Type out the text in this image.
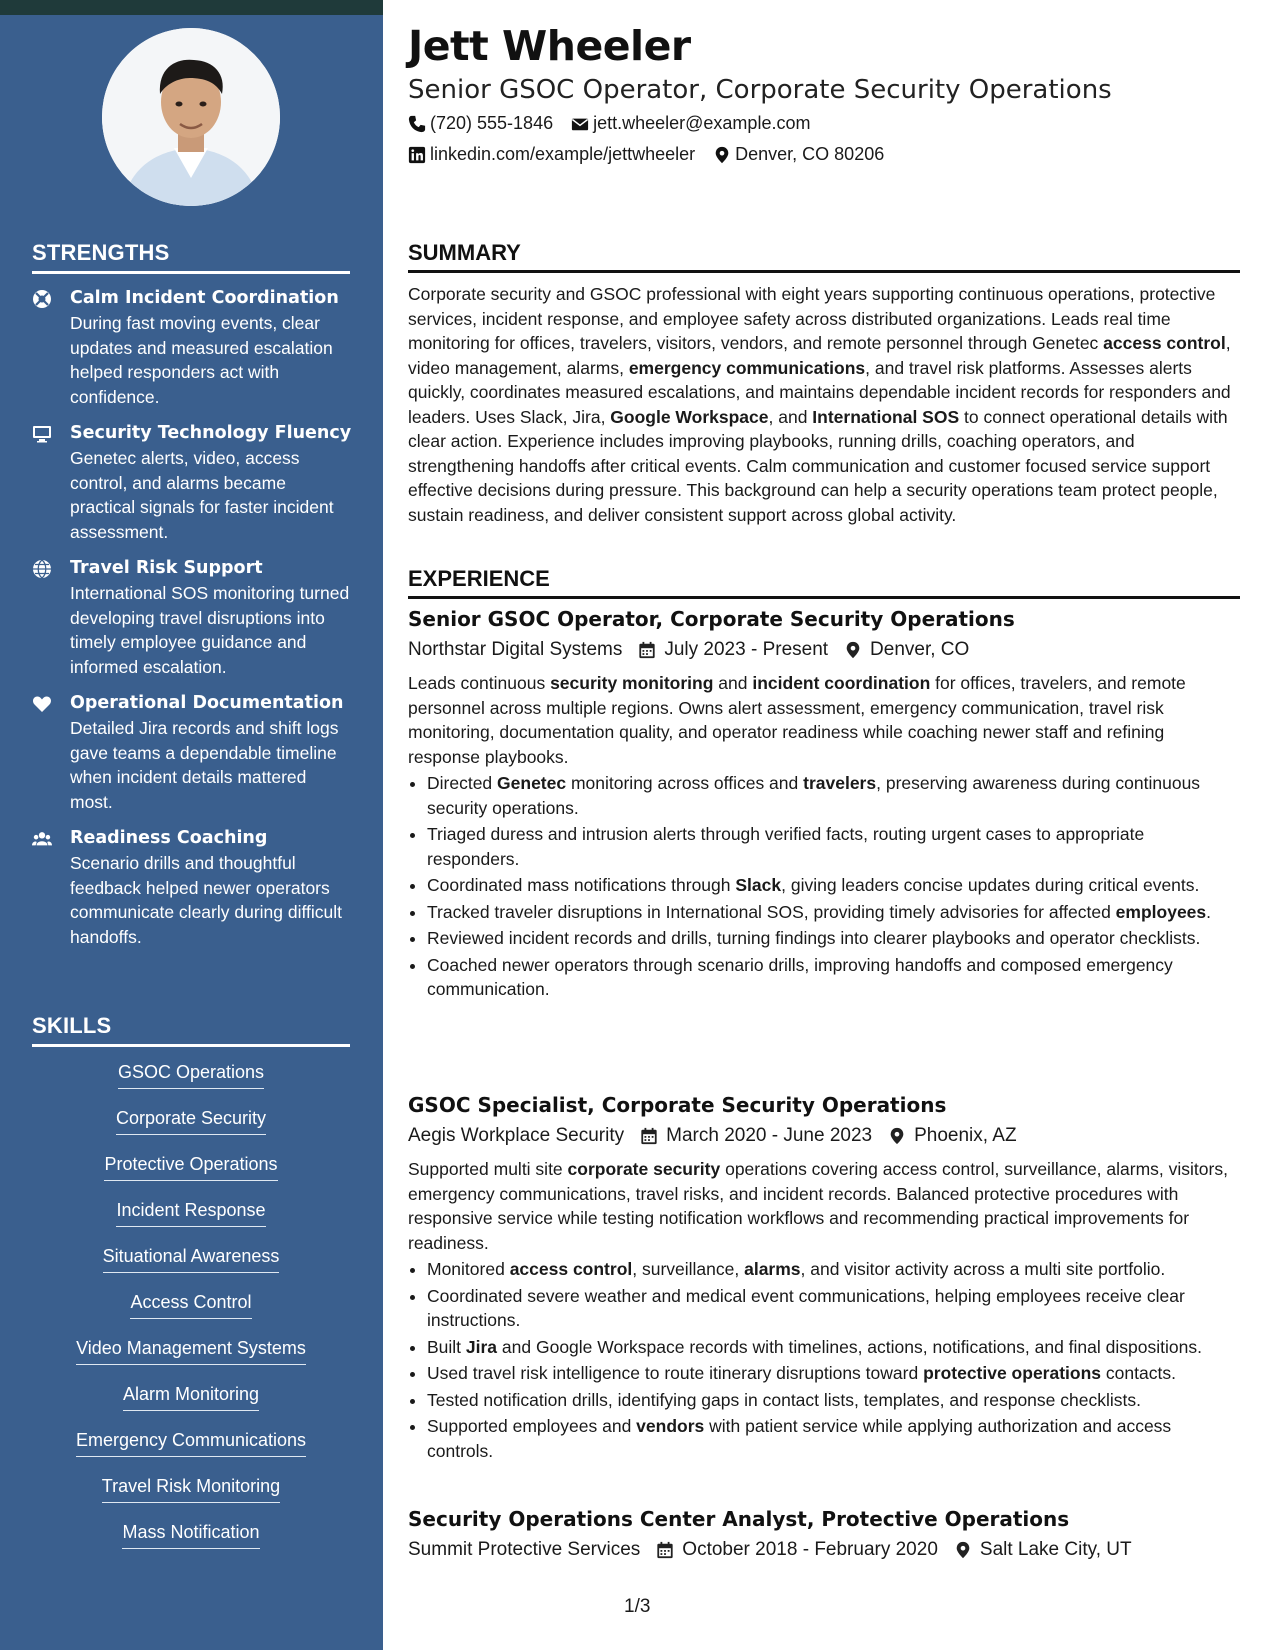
STRENGTHS
Calm Incident Coordination
During fast moving events, clear updates and measured escalation helped responders act with confidence.
Security Technology Fluency
Genetec alerts, video, access control, and alarms became practical signals for faster incident assessment.
Travel Risk Support
International SOS monitoring turned developing travel disruptions into timely employee guidance and informed escalation.
Operational Documentation
Detailed Jira records and shift logs gave teams a dependable timeline when incident details mattered most.
Readiness Coaching
Scenario drills and thoughtful feedback helped newer operators communicate clearly during difficult handoffs.
SKILLS
GSOC Operations
Corporate Security
Protective Operations
Incident Response
Situational Awareness
Access Control
Video Management Systems
Alarm Monitoring
Emergency Communications
Travel Risk Monitoring
Mass Notification
Jett Wheeler
Senior GSOC Operator, Corporate Security Operations
(720) 555-1846 jett.wheeler@example.com
linkedin.com/example/jettwheeler Denver, CO 80206
SUMMARY
Corporate security and GSOC professional with eight years supporting continuous operations, protective services, incident response, and employee safety across distributed organizations. Leads real time monitoring for offices, travelers, visitors, vendors, and remote personnel through Genetec access control, video management, alarms, emergency communications, and travel risk platforms. Assesses alerts quickly, coordinates measured escalations, and maintains dependable incident records for responders and leaders. Uses Slack, Jira, Google Workspace, and International SOS to connect operational details with clear action. Experience includes improving playbooks, running drills, coaching operators, and strengthening handoffs after critical events. Calm communication and customer focused service support effective decisions during pressure. This background can help a security operations team protect people, sustain readiness, and deliver consistent support across global activity.
EXPERIENCE
Senior GSOC Operator, Corporate Security Operations
Northstar Digital Systems July 2023 - Present Denver, CO
Leads continuous security monitoring and incident coordination for offices, travelers, and remote personnel across multiple regions. Owns alert assessment, emergency communication, travel risk monitoring, documentation quality, and operator readiness while coaching newer staff and refining response playbooks.
• Directed Genetec monitoring across offices and travelers, preserving awareness during continuous security operations.
• Triaged duress and intrusion alerts through verified facts, routing urgent cases to appropriate responders.
• Coordinated mass notifications through Slack, giving leaders concise updates during critical events.
• Tracked traveler disruptions in International SOS, providing timely advisories for affected employees.
• Reviewed incident records and drills, turning findings into clearer playbooks and operator checklists.
• Coached newer operators through scenario drills, improving handoffs and composed emergency communication.
GSOC Specialist, Corporate Security Operations
Aegis Workplace Security March 2020 - June 2023 Phoenix, AZ
Supported multi site corporate security operations covering access control, surveillance, alarms, visitors, emergency communications, travel risks, and incident records. Balanced protective procedures with responsive service while testing notification workflows and recommending practical improvements for readiness.
• Monitored access control, surveillance, alarms, and visitor activity across a multi site portfolio.
• Coordinated severe weather and medical event communications, helping employees receive clear instructions.
• Built Jira and Google Workspace records with timelines, actions, notifications, and final dispositions.
• Used travel risk intelligence to route itinerary disruptions toward protective operations contacts.
• Tested notification drills, identifying gaps in contact lists, templates, and response checklists.
• Supported employees and vendors with patient service while applying authorization and access controls.
Security Operations Center Analyst, Protective Operations
Summit Protective Services October 2018 - February 2020 Salt Lake City, UT
1/3
